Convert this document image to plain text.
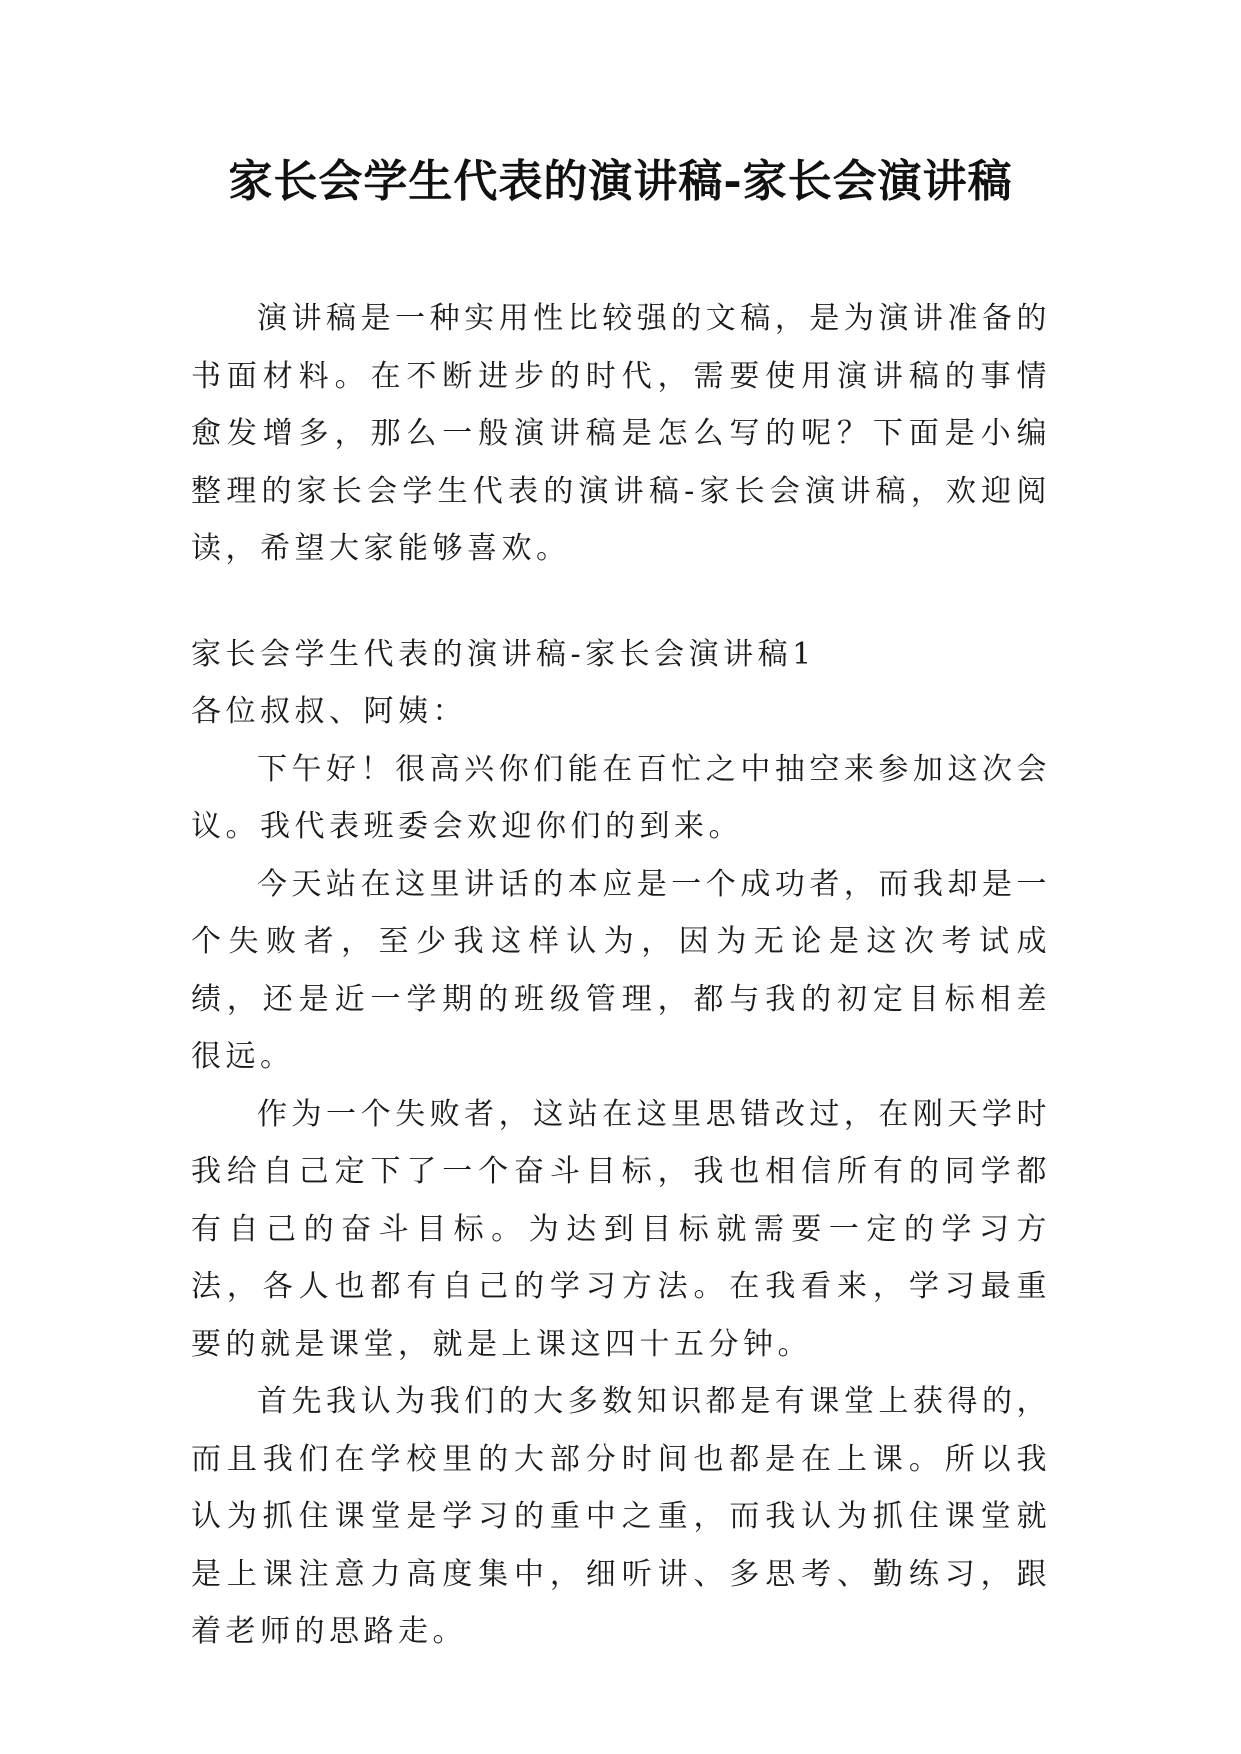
家长会学生代表的演讲稿-家长会演讲稿

演讲稿是一种实用性比较强的文稿，是为演讲准备的书面材料。在不断进步的时代，需要使用演讲稿的事情愈发增多，那么一般演讲稿是怎么写的呢？下面是小编整理的家长会学生代表的演讲稿-家长会演讲稿，欢迎阅读，希望大家能够喜欢。

家长会学生代表的演讲稿-家长会演讲稿1

各位叔叔、阿姨：

下午好！很高兴你们能在百忙之中抽空来参加这次会议。我代表班委会欢迎你们的到来。

今天站在这里讲话的本应是一个成功者，而我却是一个失败者，至少我这样认为，因为无论是这次考试成绩，还是近一学期的班级管理，都与我的初定目标相差很远。

作为一个失败者，这站在这里思错改过，在刚天学时我给自己定下了一个奋斗目标，我也相信所有的同学都有自己的奋斗目标。为达到目标就需要一定的学习方法，各人也都有自己的学习方法。在我看来，学习最重要的就是课堂，就是上课这四十五分钟。

首先我认为我们的大多数知识都是有课堂上获得的，而且我们在学校里的大部分时间也都是在上课。所以我认为抓住课堂是学习的重中之重，而我认为抓住课堂就是上课注意力高度集中，细听讲、多思考、勤练习，跟着老师的思路走。
